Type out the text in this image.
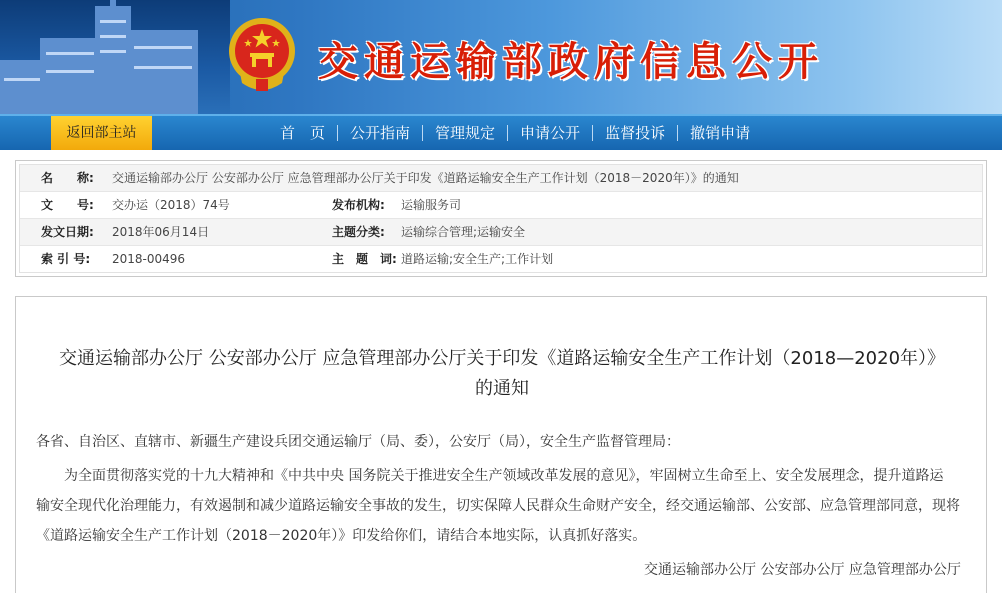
交通运输部政府信息公开
返回部主站	首　页	公开指南	管理规定	申请公开	监督投诉	撤销申请
名　　称: 交通运输部办公厅 公安部办公厅 应急管理部办公厅关于印发《道路运输安全生产工作计划（2018－2020年）》的通知
文　　号: 交办运（2018）74号	发布机构: 运输服务司
发文日期: 2018年06月14日	主题分类: 运输综合管理;运输安全
索 引 号: 2018-00496	主　题　词: 道路运输;安全生产;工作计划
交通运输部办公厅 公安部办公厅 应急管理部办公厅关于印发《道路运输安全生产工作计划（2018—2020年）》的通知
各省、自治区、直辖市、新疆生产建设兵团交通运输厅（局、委），公安厅（局），安全生产监督管理局：
为全面贯彻落实党的十九大精神和《中共中央 国务院关于推进安全生产领域改革发展的意见》，牢固树立生命至上、安全发展理念，提升道路运
输安全现代化治理能力，有效遏制和减少道路运输安全事故的发生，切实保障人民群众生命财产安全，经交通运输部、公安部、应急管理部同意，现将
《道路运输安全生产工作计划（2018－2020年）》印发给你们，请结合本地实际，认真抓好落实。
交通运输部办公厅 公安部办公厅 应急管理部办公厅
